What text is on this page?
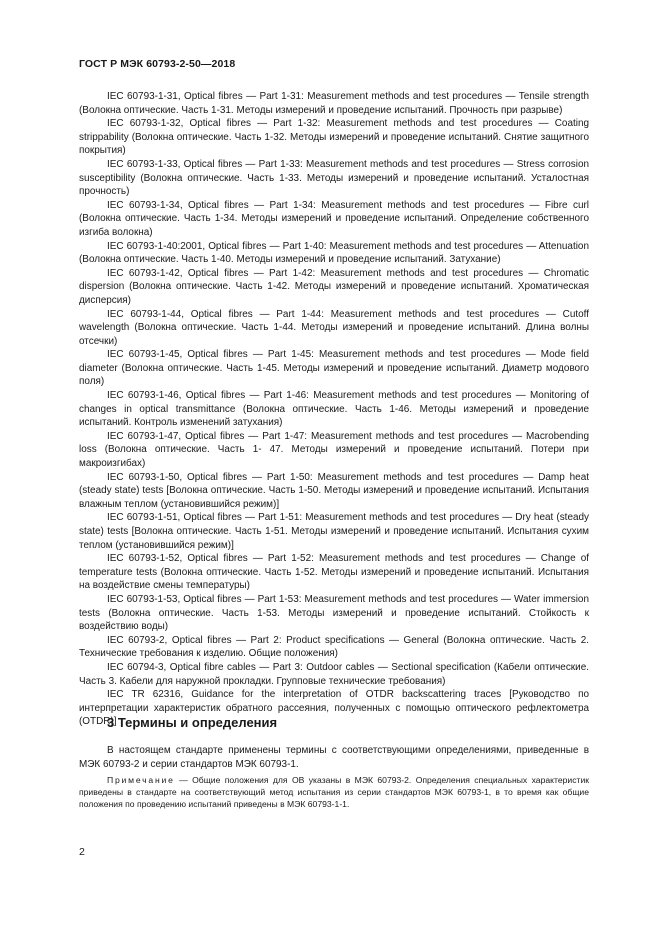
ГОСТ Р МЭК 60793-2-50—2018

IEC 60793-1-31, Optical fibres — Part 1-31: Measurement methods and test procedures — Tensile strength (Волокна оптические. Часть 1-31. Методы измерений и проведение испытаний. Прочность при разрыве)

IEC 60793-1-32, Optical fibres — Part 1-32: Measurement methods and test procedures — Coating strippability (Волокна оптические. Часть 1-32. Методы измерений и проведение испытаний. Снятие защитного покрытия)

IEC 60793-1-33, Optical fibres — Part 1-33: Measurement methods and test procedures — Stress corrosion susceptibility (Волокна оптические. Часть 1-33. Методы измерений и проведение испытаний. Усталостная прочность)

IEC 60793-1-34, Optical fibres — Part 1-34: Measurement methods and test procedures — Fibre curl (Волокна оптические. Часть 1-34. Методы измерений и проведение испытаний. Определение собственного изгиба волокна)

IEC 60793-1-40:2001, Optical fibres — Part 1-40: Measurement methods and test procedures — Attenuation (Волокна оптические. Часть 1-40. Методы измерений и проведение испытаний. Затухание)

IEC 60793-1-42, Optical fibres — Part 1-42: Measurement methods and test procedures — Chromatic dispersion (Волокна оптические. Часть 1-42. Методы измерений и проведение испытаний. Хроматическая дисперсия)

IEC 60793-1-44, Optical fibres — Part 1-44: Measurement methods and test procedures — Cutoff wavelength (Волокна оптические. Часть 1-44. Методы измерений и проведение испытаний. Длина волны отсечки)

IEC 60793-1-45, Optical fibres — Part 1-45: Measurement methods and test procedures — Mode field diameter (Волокна оптические. Часть 1-45. Методы измерений и проведение испытаний. Диаметр модового поля)

IEC 60793-1-46, Optical fibres — Part 1-46: Measurement methods and test procedures — Monitoring of changes in optical transmittance (Волокна оптические. Часть 1-46. Методы измерений и проведение испытаний. Контроль изменений затухания)

IEC 60793-1-47, Optical fibres — Part 1-47: Measurement methods and test procedures — Macrobending loss (Волокна оптические. Часть 1- 47. Методы измерений и проведение испытаний. Потери при макроизгибах)

IEC 60793-1-50, Optical fibres — Part 1-50: Measurement methods and test procedures — Damp heat (steady state) tests [Волокна оптические. Часть 1-50. Методы измерений и проведение испытаний. Испытания влажным теплом (установившийся режим)]

IEC 60793-1-51, Optical fibres — Part 1-51: Measurement methods and test procedures — Dry heat (steady state) tests [Волокна оптические. Часть 1-51. Методы измерений и проведение испытаний. Испытания сухим теплом (установившийся режим)]

IEC 60793-1-52, Optical fibres — Part 1-52: Measurement methods and test procedures — Change of temperature tests (Волокна оптические. Часть 1-52. Методы измерений и проведение испытаний. Испытания на воздействие смены температуры)

IEC 60793-1-53, Optical fibres — Part 1-53: Measurement methods and test procedures — Water immersion tests (Волокна оптические. Часть 1-53. Методы измерений и проведение испытаний. Стойкость к воздействию воды)

IEC 60793-2, Optical fibres — Part 2: Product specifications — General (Волокна оптические. Часть 2. Технические требования к изделию. Общие положения)

IEC 60794-3, Optical fibre cables — Part 3: Outdoor cables — Sectional specification (Кабели оптические. Часть 3. Кабели для наружной прокладки. Групповые технические требования)

IEC TR 62316, Guidance for the interpretation of OTDR backscattering traces [Руководство по интерпретации характеристик обратного рассеяния, полученных с помощью оптического рефлектометра (OTDR)]

3 Термины и определения

В настоящем стандарте применены термины с соответствующими определениями, приведенные в МЭК 60793-2 и серии стандартов МЭК 60793-1.

Примечание — Общие положения для ОВ указаны в МЭК 60793-2. Определения специальных характеристик приведены в стандарте на соответствующий метод испытания из серии стандартов МЭК 60793-1, в то время как общие положения по проведению испытаний приведены в МЭК 60793-1-1.

2
